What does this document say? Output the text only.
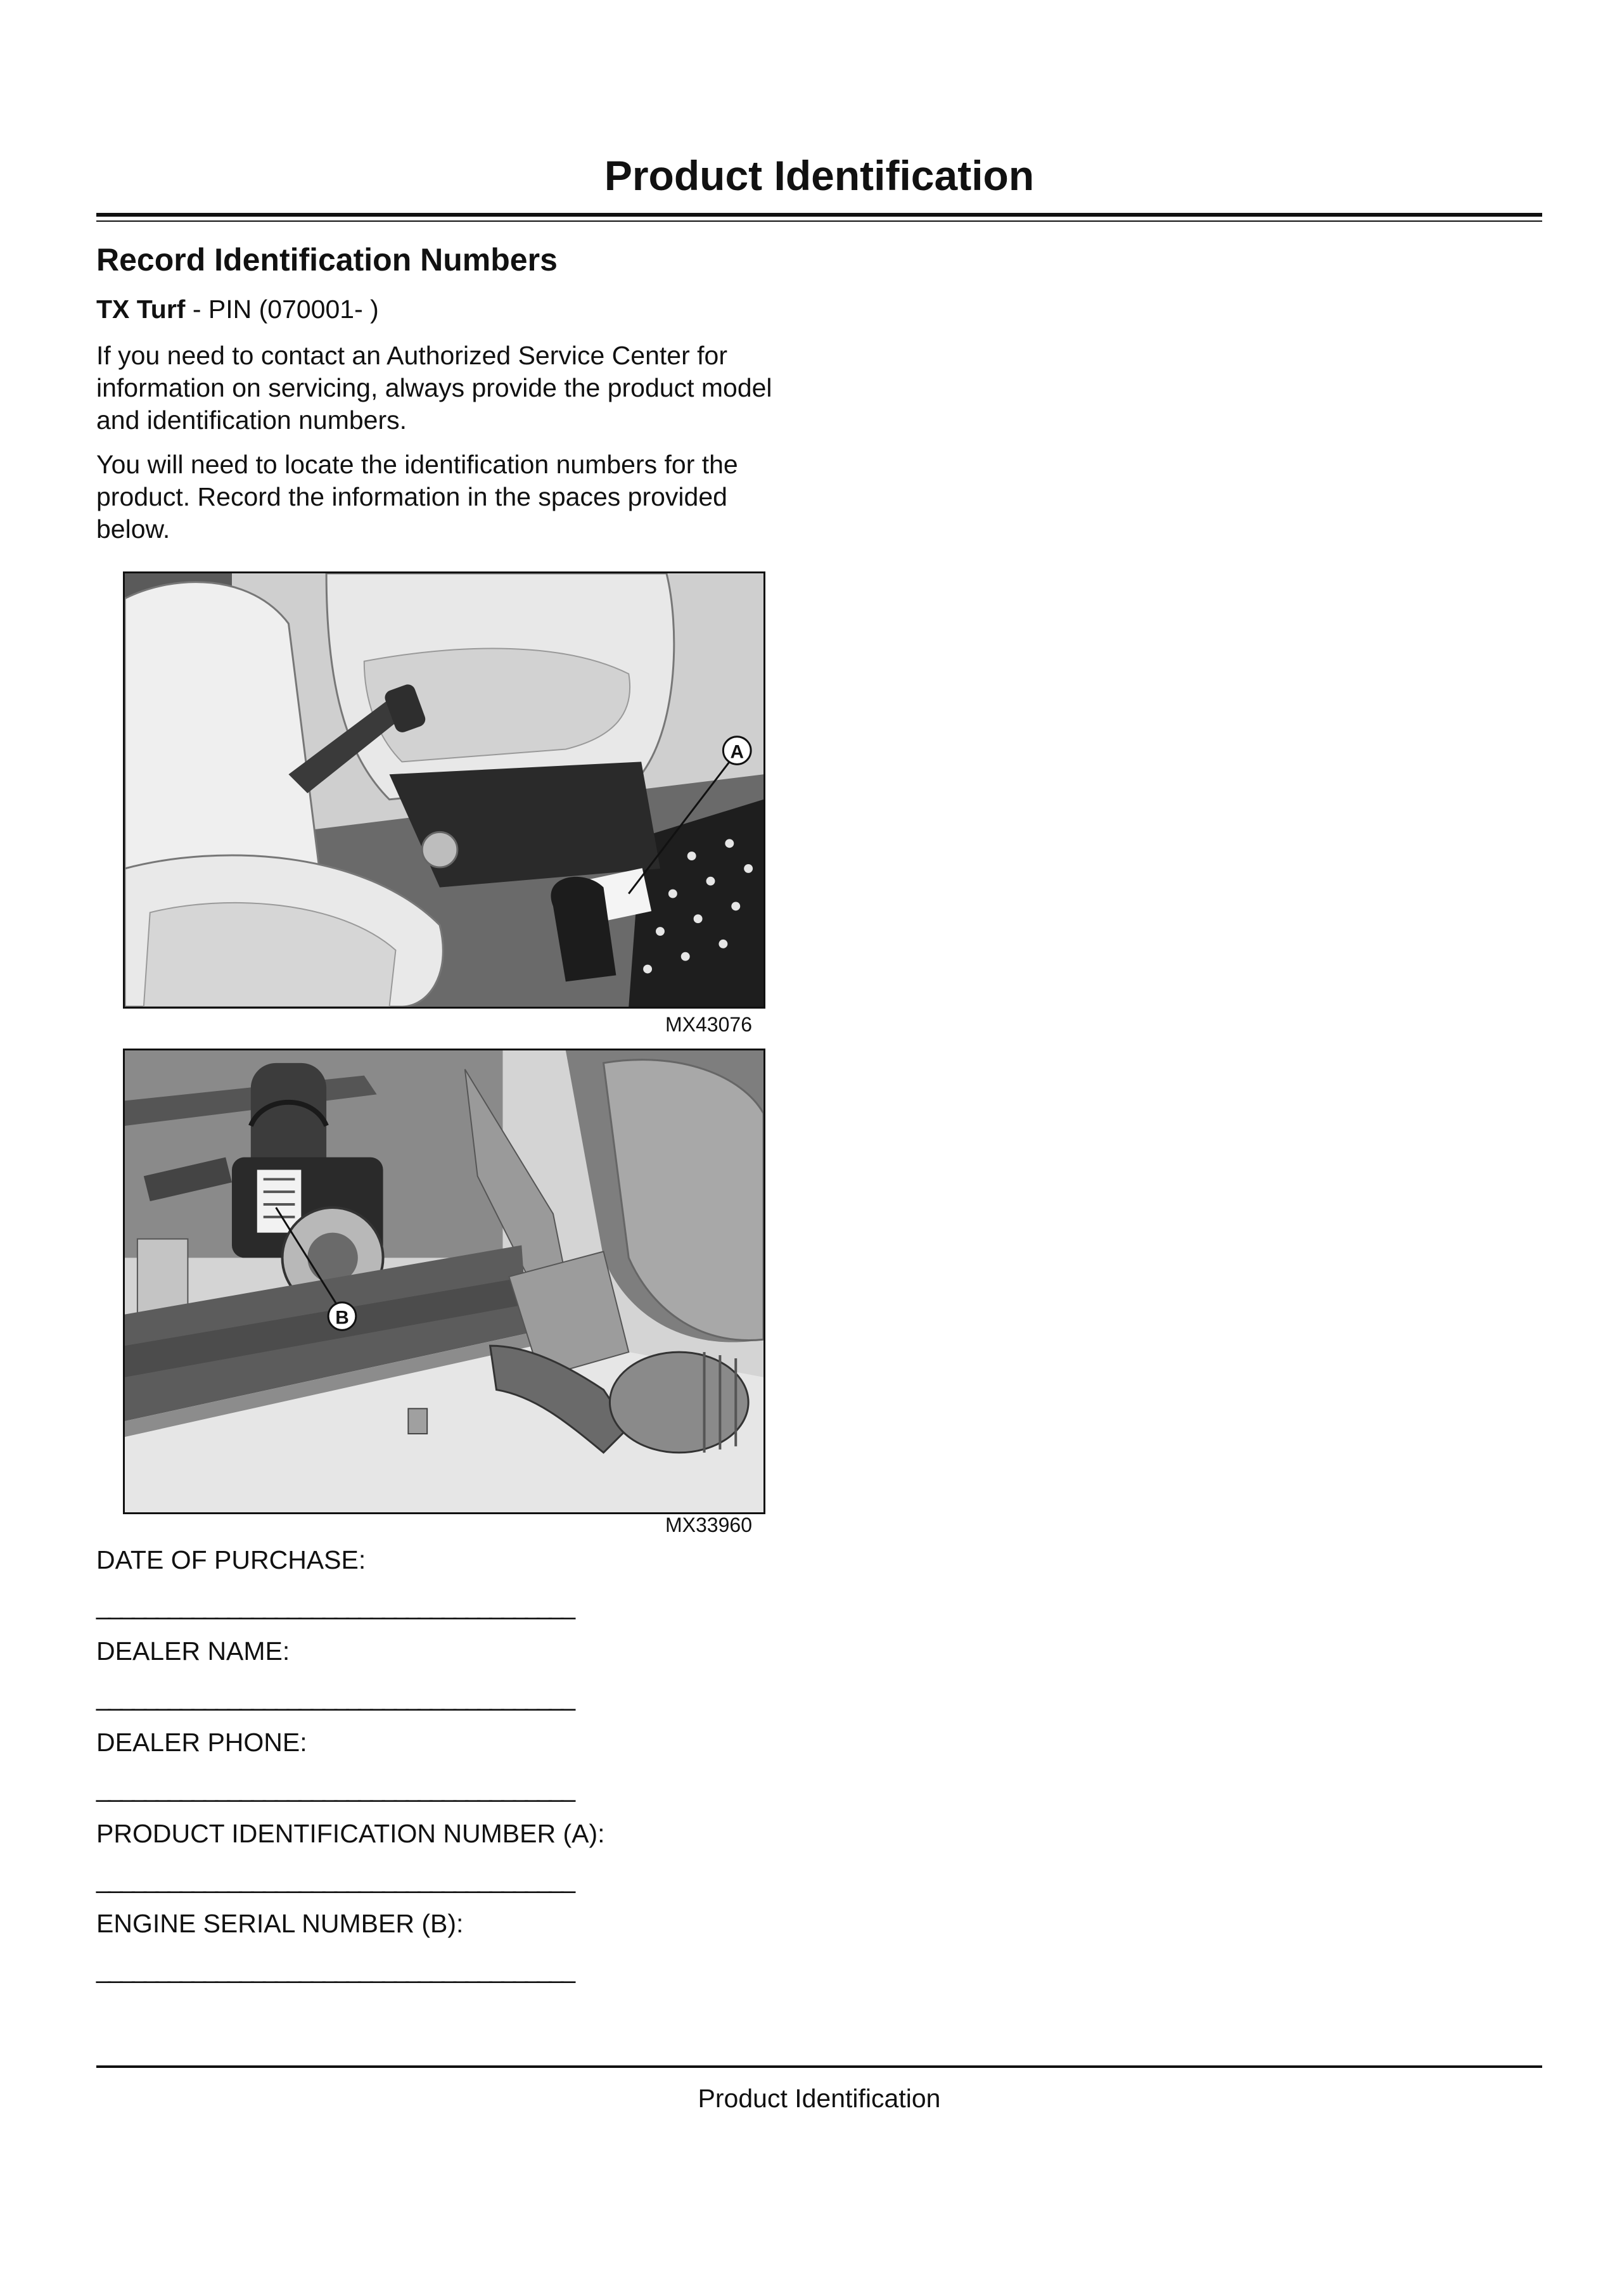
Product Identification
Record Identification Numbers
TX Turf - PIN (070001- )

If you need to contact an Authorized Service Center for information on servicing, always provide the product model and identification numbers.

You will need to locate the identification numbers for the product. Record the information in the spaces provided below.

A
MX43076
B
MX33960
DATE OF PURCHASE:
________________________________________
DEALER NAME:
________________________________________
DEALER PHONE:
________________________________________
PRODUCT IDENTIFICATION NUMBER (A):
________________________________________
ENGINE SERIAL NUMBER (B):
________________________________________
Product Identification
